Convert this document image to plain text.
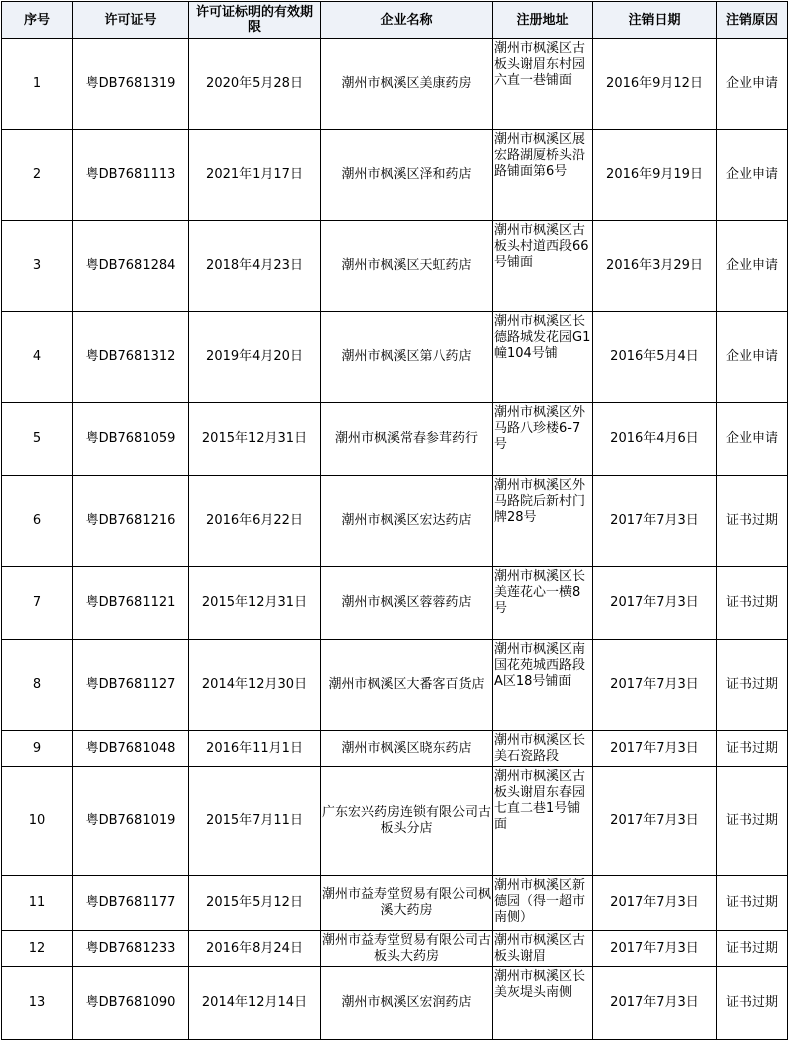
序号	许可证号	许可证标明的有效期限	企业名称	注册地址	注销日期	注销原因
1	粤DB7681319	2020年5月28日	潮州市枫溪区美康药房	潮州市枫溪区古板头谢眉东村园六直一巷铺面	2016年9月12日	企业申请
2	粤DB7681113	2021年1月17日	潮州市枫溪区泽和药店	潮州市枫溪区展宏路湖厦桥头沿路铺面第6号	2016年9月19日	企业申请
3	粤DB7681284	2018年4月23日	潮州市枫溪区天虹药店	潮州市枫溪区古板头村道西段66号铺面	2016年3月29日	企业申请
4	粤DB7681312	2019年4月20日	潮州市枫溪区第八药店	潮州市枫溪区长德路城发花园G1幢104号铺	2016年5月4日	企业申请
5	粤DB7681059	2015年12月31日	潮州市枫溪常春参茸药行	潮州市枫溪区外马路八珍楼6-7号	2016年4月6日	企业申请
6	粤DB7681216	2016年6月22日	潮州市枫溪区宏达药店	潮州市枫溪区外马路院后新村门牌28号	2017年7月3日	证书过期
7	粤DB7681121	2015年12月31日	潮州市枫溪区蓉蓉药店	潮州市枫溪区长美莲花心一横8号	2017年7月3日	证书过期
8	粤DB7681127	2014年12月30日	潮州市枫溪区大番客百货店	潮州市枫溪区南国花苑城西路段A区18号铺面	2017年7月3日	证书过期
9	粤DB7681048	2016年11月1日	潮州市枫溪区晓东药店	潮州市枫溪区长美石瓷路段	2017年7月3日	证书过期
10	粤DB7681019	2015年7月11日	广东宏兴药房连锁有限公司古板头分店	潮州市枫溪区古板头谢眉东春园七直二巷1号铺面	2017年7月3日	证书过期
11	粤DB7681177	2015年5月12日	潮州市益寿堂贸易有限公司枫溪大药房	潮州市枫溪区新德园（得一超市南侧）	2017年7月3日	证书过期
12	粤DB7681233	2016年8月24日	潮州市益寿堂贸易有限公司古板头大药房	潮州市枫溪区古板头谢眉	2017年7月3日	证书过期
13	粤DB7681090	2014年12月14日	潮州市枫溪区宏润药店	潮州市枫溪区长美灰堤头南侧	2017年7月3日	证书过期
